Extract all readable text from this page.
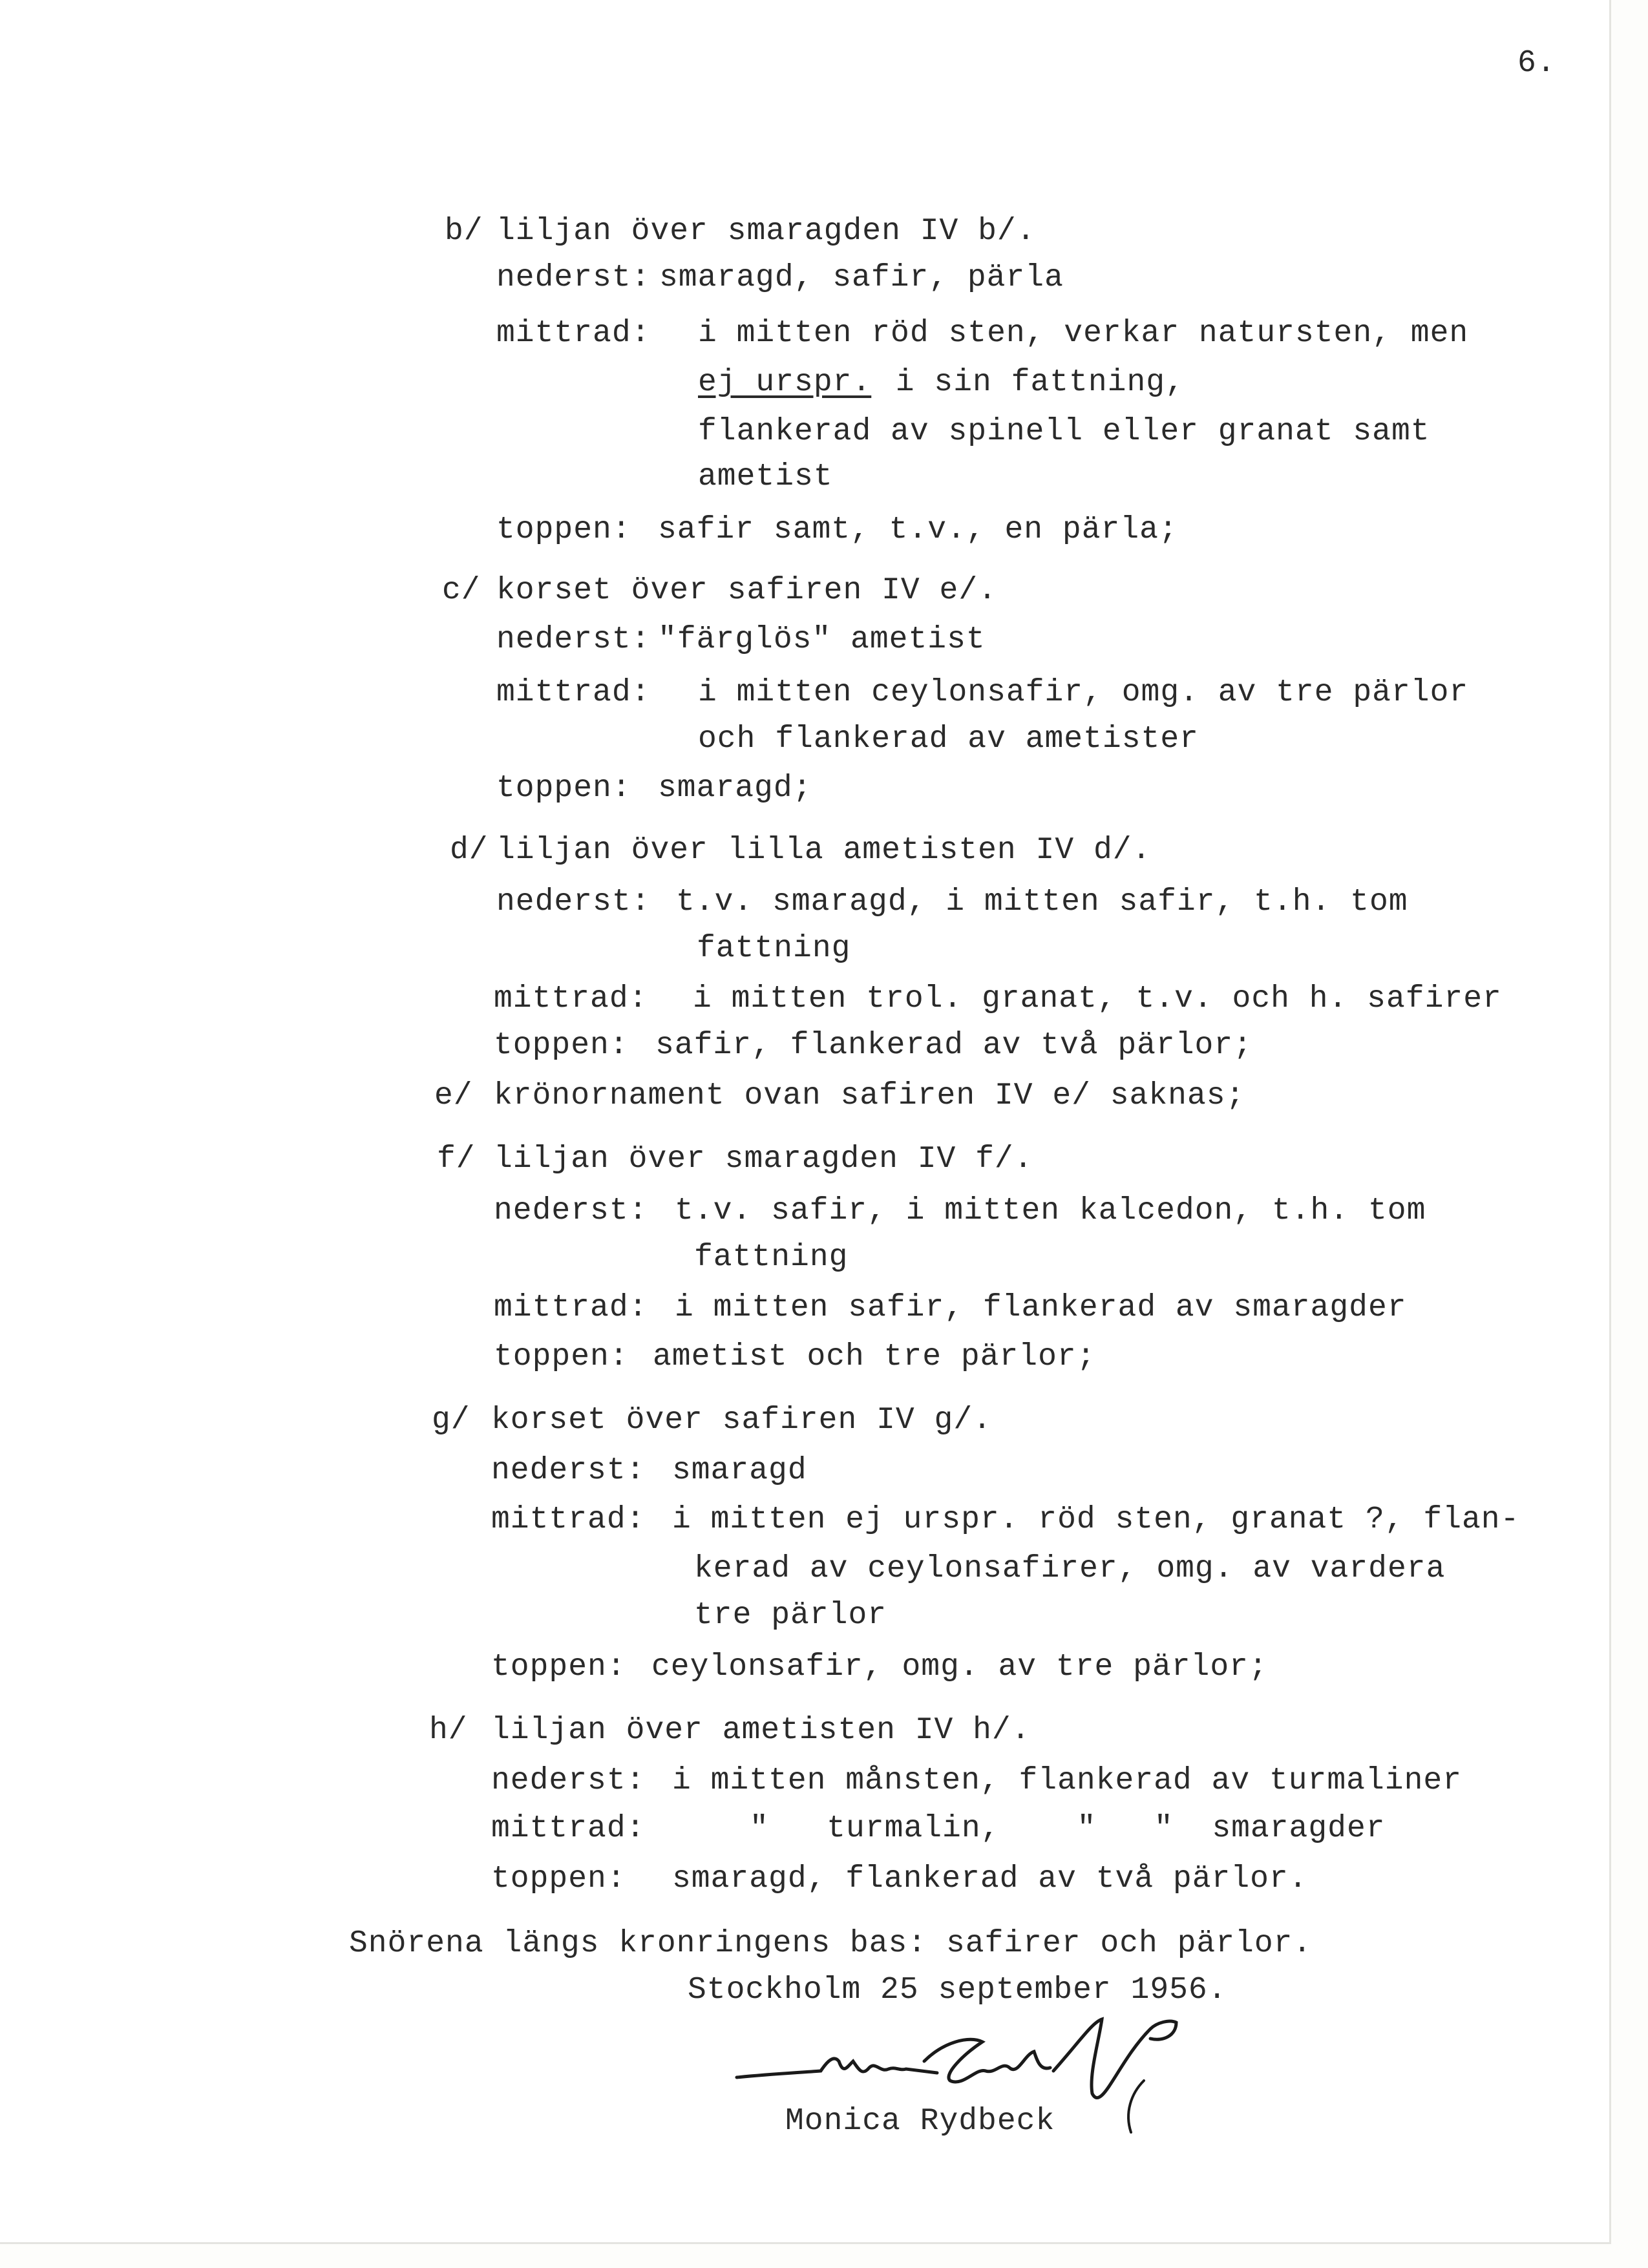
6.
b/ liljan över smaragden IV b/.
nederst: smaragd, safir, pärla
mittrad: i mitten röd sten, verkar natursten, men
ej urspr. i sin fattning,
flankerad av spinell eller granat samt
ametist
toppen: safir samt, t.v., en pärla;
c/ korset över safiren IV e/.
nederst: "färglös" ametist
mittrad: i mitten ceylonsafir, omg. av tre pärlor
och flankerad av ametister
toppen: smaragd;
d/ liljan över lilla ametisten IV d/.
nederst: t.v. smaragd, i mitten safir, t.h. tom
fattning
mittrad: i mitten trol. granat, t.v. och h. safirer
toppen: safir, flankerad av två pärlor;
e/ krönornament ovan safiren IV e/ saknas;
f/ liljan över smaragden IV f/.
nederst: t.v. safir, i mitten kalcedon, t.h. tom
fattning
mittrad: i mitten safir, flankerad av smaragder
toppen: ametist och tre pärlor;
g/ korset över safiren IV g/.
nederst: smaragd
mittrad: i mitten ej urspr. röd sten, granat ?, flan-
kerad av ceylonsafirer, omg. av vardera
tre pärlor
toppen: ceylonsafir, omg. av tre pärlor;
h/ liljan över ametisten IV h/.
nederst: i mitten månsten, flankerad av turmaliner
mittrad:	"   turmalin,    "   "  smaragder
toppen: smaragd, flankerad av två pärlor.
Snörena längs kronringens bas: safirer och pärlor.
Stockholm 25 september 1956.
Monica Rydbeck
